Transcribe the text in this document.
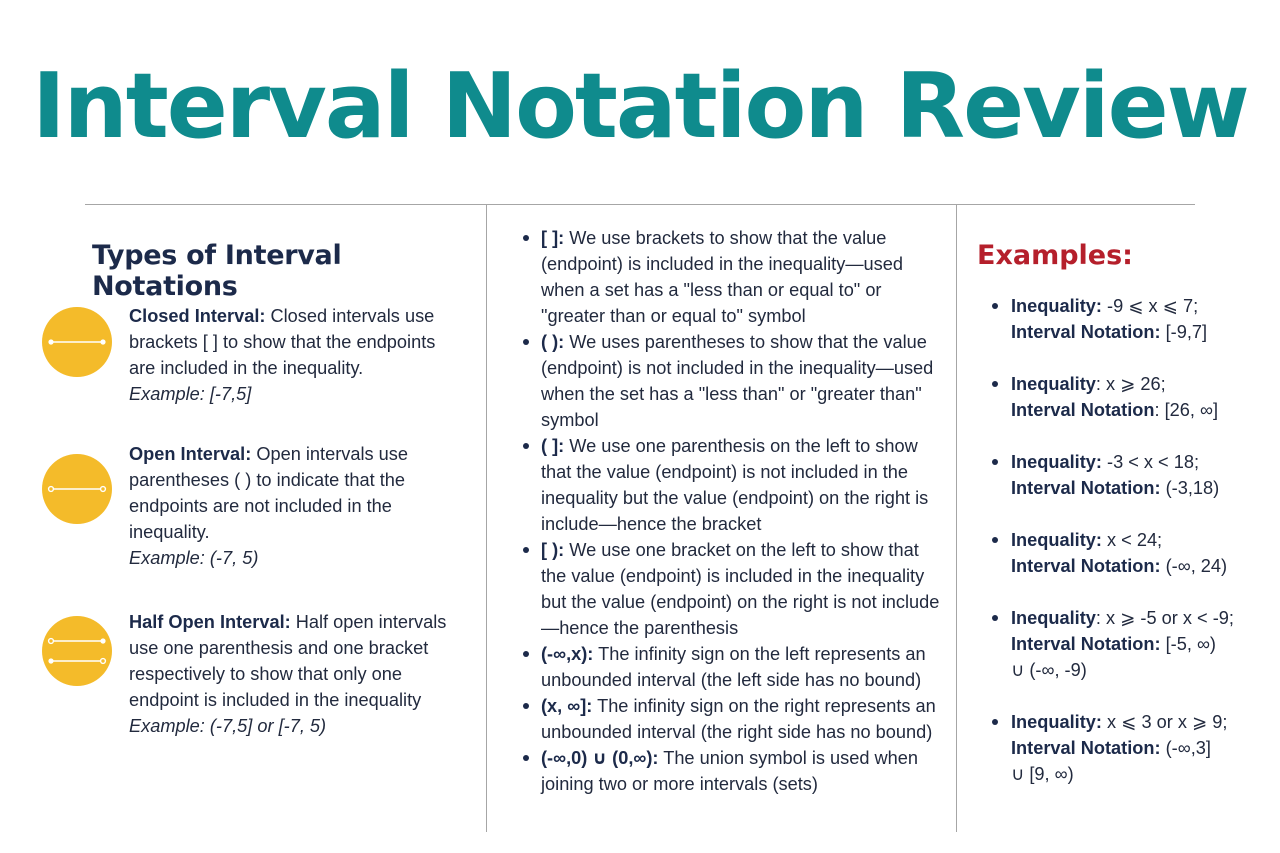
Interval Notation Review
Types of Interval Notations
Closed Interval: Closed intervals use brackets [ ] to show that the endpoints are included in the inequality.
Example: [-7,5]
Open Interval: Open intervals use parentheses ( ) to indicate that the endpoints are not included in the inequality.
Example: (-7, 5)
Half Open Interval: Half open intervals use one parenthesis and one bracket respectively to show that only one endpoint is included in the inequality
Example: (-7,5] or [-7, 5)
[ ]: We use brackets to show that the value (endpoint) is included in the inequality—used when a set has a "less than or equal to" or "greater than or equal to" symbol
( ): We uses parentheses to show that the value (endpoint) is not included in the inequality—used when the set has a "less than" or "greater than" symbol
( ]: We use one parenthesis on the left to show that the value (endpoint) is not included in the inequality but the value (endpoint) on the right is include—hence the bracket
[ ): We use one bracket on the left to show that the value (endpoint) is included in the inequality but the value (endpoint) on the right is not include—hence the parenthesis
(-∞,x): The infinity sign on the left represents an unbounded interval (the left side has no bound)
(x, ∞]: The infinity sign on the right represents an unbounded interval (the right side has no bound)
(-∞,0) ∪ (0,∞): The union symbol is used when joining two or more intervals (sets)
Examples:
Inequality: -9 ⩽ x ⩽ 7;
Interval Notation: [-9,7]
Inequality: x ⩾ 26;
Interval Notation: [26, ∞]
Inequality: -3 < x < 18;
Interval Notation: (-3,18)
Inequality: x < 24;
Interval Notation: (-∞, 24)
Inequality: x ⩾ -5 or x < -9;
Interval Notation: [-5, ∞)
∪ (-∞, -9)
Inequality: x ⩽ 3 or x ⩾ 9;
Interval Notation: (-∞,3]
∪ [9, ∞)
